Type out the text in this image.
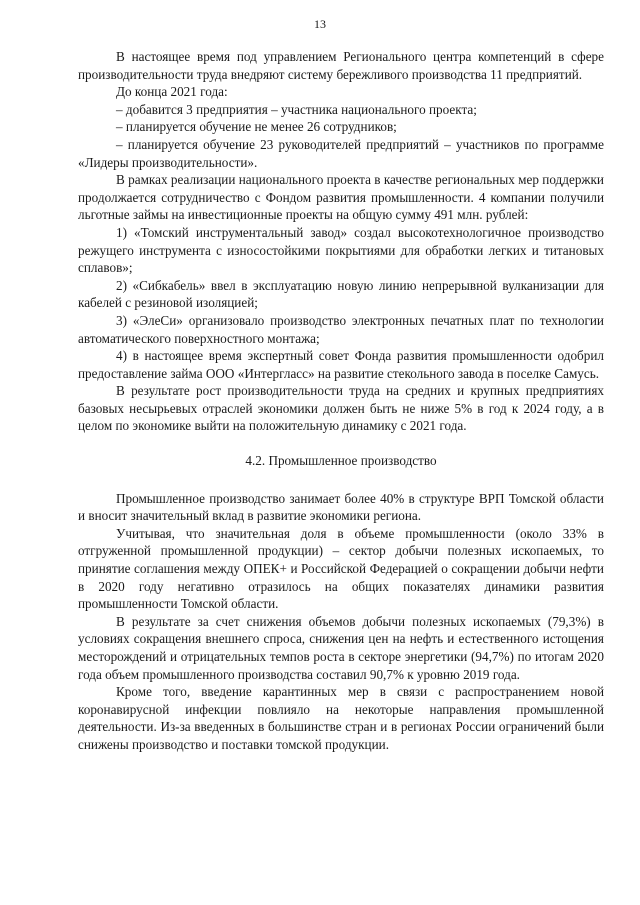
13

В настоящее время под управлением Регионального центра компетенций в сфере производительности труда внедряют систему бережливого производства 11 предприятий.

До конца 2021 года:

– добавится 3 предприятия – участника национального проекта;

– планируется обучение не менее 26 сотрудников;

– планируется обучение 23 руководителей предприятий – участников по программе «Лидеры производительности».

В рамках реализации национального проекта в качестве региональных мер поддержки продолжается сотрудничество с Фондом развития промышленности. 4 компании получили льготные займы на инвестиционные проекты на общую сумму 491 млн. рублей:

1) «Томский инструментальный завод» создал высокотехнологичное производство режущего инструмента с износостойкими покрытиями для обработки легких и титановых сплавов»;

2) «Сибкабель» ввел в эксплуатацию новую линию непрерывной вулканизации для кабелей с резиновой изоляцией;

3) «ЭлеСи» организовало производство электронных печатных плат по технологии автоматического поверхностного монтажа;

4) в настоящее время экспертный совет Фонда развития промышленности одобрил предоставление займа ООО «Интергласс» на развитие стекольного завода в поселке Самусь.

В результате рост производительности труда на средних и крупных предприятиях базовых несырьевых отраслей экономики должен быть не ниже 5% в год к 2024 году, а в целом по экономике выйти на положительную динамику с 2021 года.

4.2. Промышленное производство

Промышленное производство занимает более 40% в структуре ВРП Томской области и вносит значительный вклад в развитие экономики региона.

Учитывая, что значительная доля в объеме промышленности (около 33% в отгруженной промышленной продукции) – сектор добычи полезных ископаемых, то принятие соглашения между ОПЕК+ и Российской Федерацией о сокращении добычи нефти в 2020 году негативно отразилось на общих показателях динамики развития промышленности Томской области.

В результате за счет снижения объемов добычи полезных ископаемых (79,3%) в условиях сокращения внешнего спроса, снижения цен на нефть и естественного истощения месторождений и отрицательных темпов роста в секторе энергетики (94,7%) по итогам 2020 года объем промышленного производства составил 90,7% к уровню 2019 года.

Кроме того, введение карантинных мер в связи с распространением новой коронавирусной инфекции повлияло на некоторые направления промышленной деятельности. Из-за введенных в большинстве стран и в регионах России ограничений были снижены производство и поставки томской продукции.
